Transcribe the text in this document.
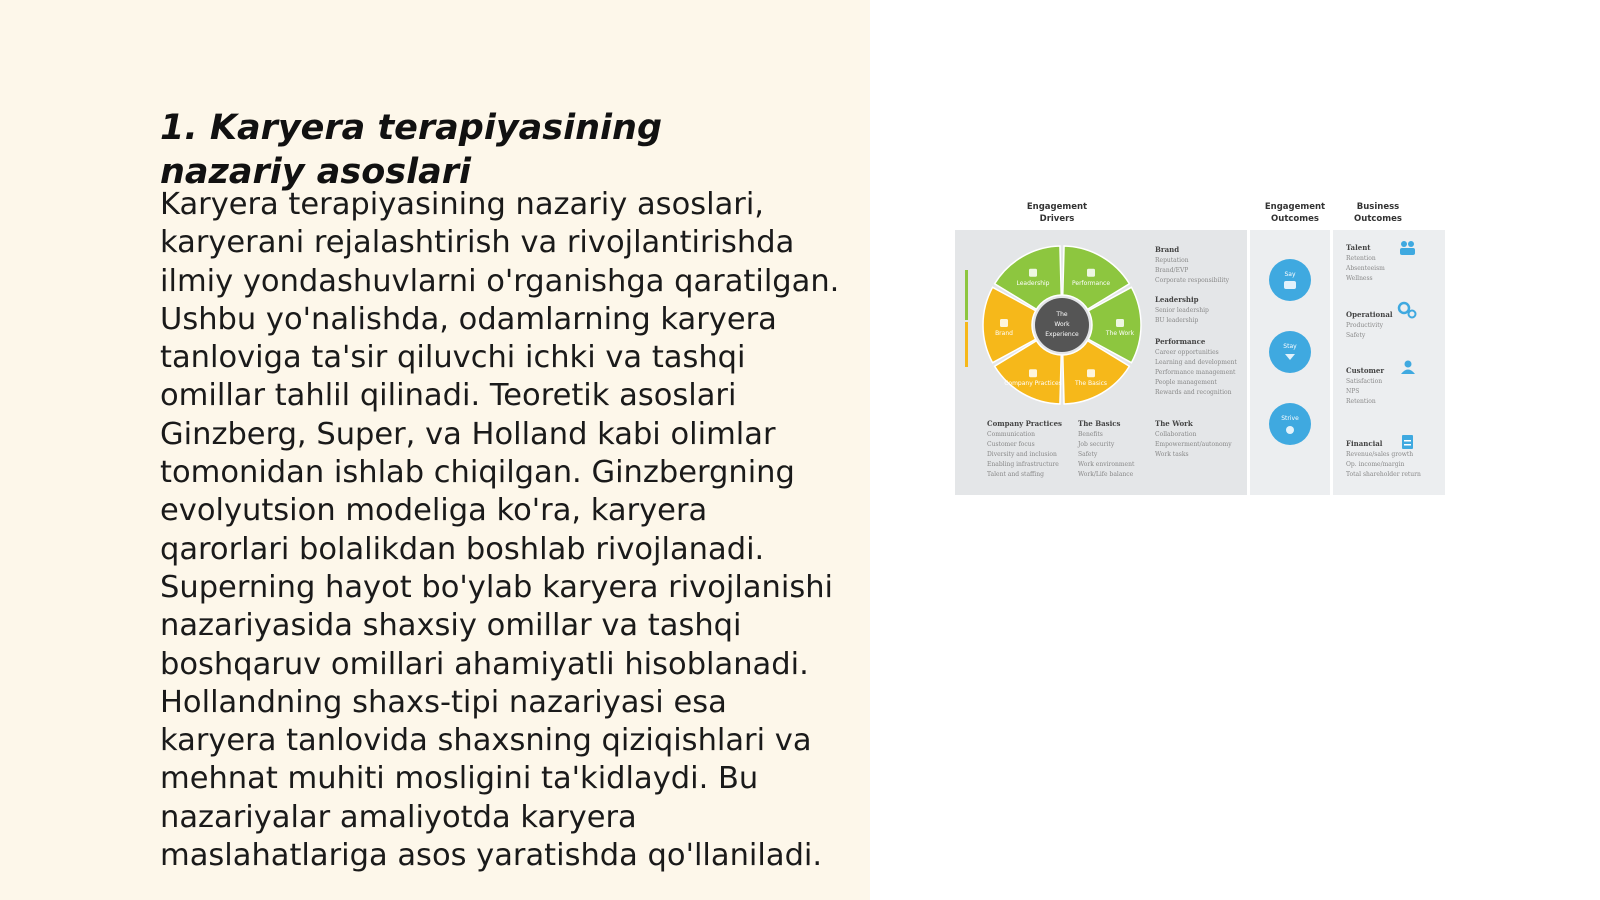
1. Karyera terapiyasining nazariy asoslari

Karyera terapiyasining nazariy asoslari, karyerani rejalashtirish va rivojlantirishda ilmiy yondashuvlarni o'rganishga qaratilgan. Ushbu yo'nalishda, odamlarning karyera tanloviga ta'sir qiluvchi ichki va tashqi omillar tahlil qilinadi. Teoretik asoslari Ginzberg, Super, va Holland kabi olimlar tomonidan ishlab chiqilgan. Ginzbergning evolyutsion modeliga ko'ra, karyera qarorlari bolalikdan boshlab rivojlanadi. Superning hayot bo'ylab karyera rivojlanishi nazariyasida shaxsiy omillar va tashqi boshqaruv omillari ahamiyatli hisoblanadi. Hollandning shaxs-tipi nazariyasi esa karyera tanlovida shaxsning qiziqishlari va mehnat muhiti mosligini ta'kidlaydi. Bu nazariyalar amaliyotda karyera maslahatlariga asos yaratishda qo'llaniladi.

Engagement
Drivers
Engagement
Outcomes
Business
Outcomes
Leadership	Performance
The Work
The Basics
Company Practices
Brand
The
Work
Experience
Brand
Reputation
Brand/EVP
Corporate responsibility
Leadership
Senior leadership
BU leadership
Performance
Career opportunities
Learning and development
Performance management
People management
Rewards and recognition
Company Practices
Communication
Customer focus
Diversity and inclusion
Enabling infrastructure
Talent and staffing
The Basics
Benefits
Job security
Safety
Work environment
Work/Life balance
The Work
Collaboration
Empowerment/autonomy
Work tasks
Say
Stay
Strive
Talent
Retention
Absenteeism
Wellness
Operational
Productivity
Safety
Customer
Satisfaction
NPS
Retention
Financial
Revenue/sales growth
Op. income/margin
Total shareholder return
